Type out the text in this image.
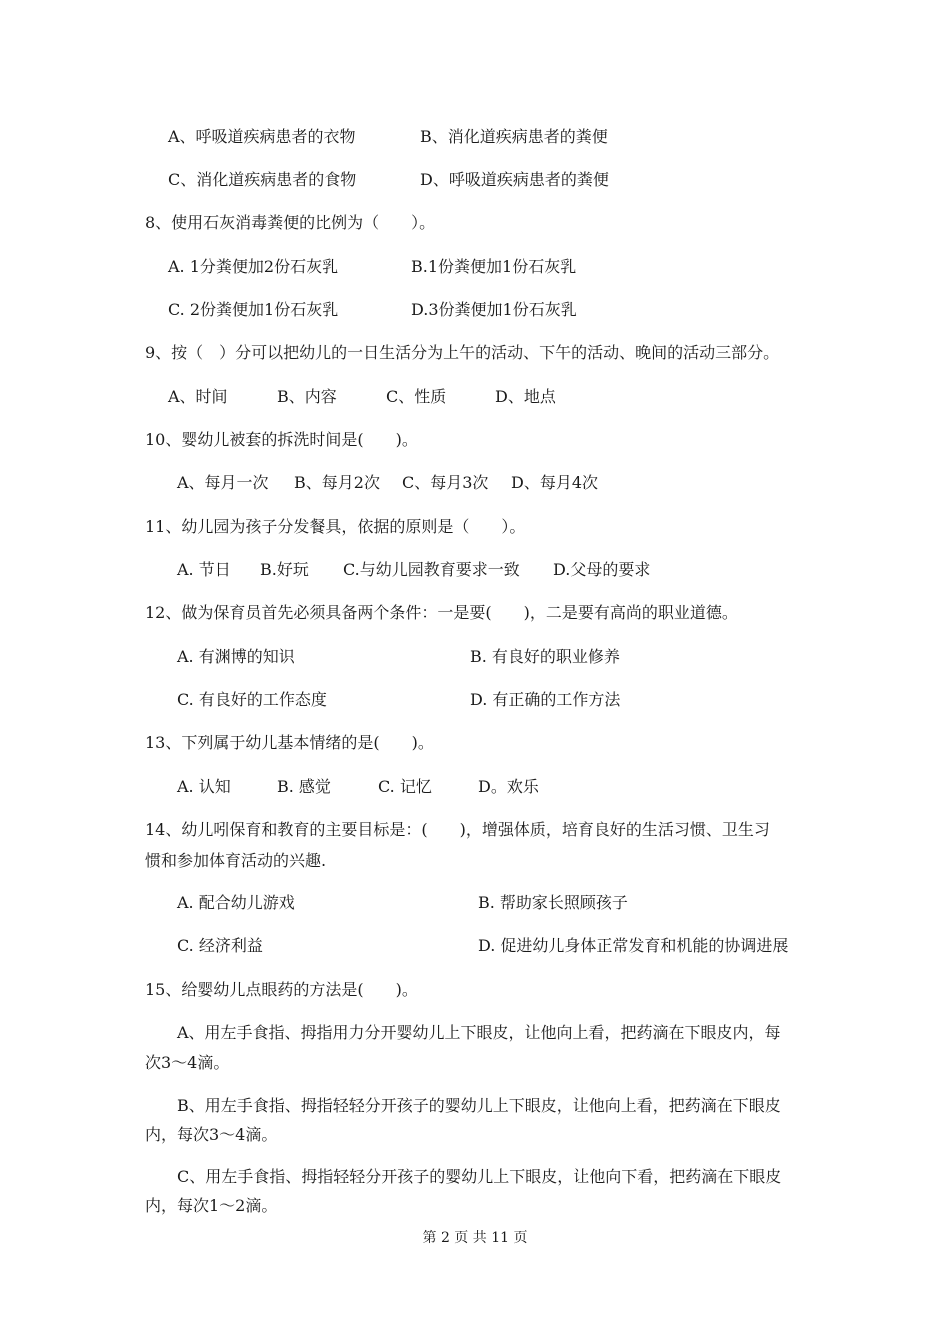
A、呼吸道疾病患者的衣物	B、消化道疾病患者的粪便
C、消化道疾病患者的食物	D、呼吸道疾病患者的粪便
8、使用石灰消毒粪便的比例为（　　）。
A. 1分粪便加2份石灰乳	B.1份粪便加1份石灰乳
C. 2份粪便加1份石灰乳	D.3份粪便加1份石灰乳
9、按（　）分可以把幼儿的一日生活分为上午的活动、下午的活动、晚间的活动三部分。
A、时间	B、内容	C、性质	D、地点
10、婴幼儿被套的拆洗时间是(　　)。
A、每月一次 B、每月2次 C、每月3次 D、每月4次
11、幼儿园为孩子分发餐具，依据的原则是（　　）。
A. 节日 B.好玩 C.与幼儿园教育要求一致 D.父母的要求
12、做为保育员首先必须具备两个条件：一是要(　　)，二是要有高尚的职业道德。
A. 有渊博的知识	B. 有良好的职业修养
C. 有良好的工作态度	D. 有正确的工作方法
13、下列属于幼儿基本情绪的是(　　)。
A. 认知	B. 感觉	C. 记忆	D。欢乐
14、幼儿吲保育和教育的主要目标是：(　　)，增强体质，培育良好的生活习惯、卫生习
惯和参加体育活动的兴趣.
A. 配合幼儿游戏	B. 帮助家长照顾孩子
C. 经济利益	D. 促进幼儿身体正常发育和机能的协调进展
15、给婴幼儿点眼药的方法是(　　)。
A、用左手食指、拇指用力分开婴幼儿上下眼皮，让他向上看，把药滴在下眼皮内，每
次3～4滴。
B、用左手食指、拇指轻轻分开孩子的婴幼儿上下眼皮，让他向上看，把药滴在下眼皮
内，每次3～4滴。
C、用左手食指、拇指轻轻分开孩子的婴幼儿上下眼皮，让他向下看，把药滴在下眼皮
内，每次1～2滴。
第 2 页 共 11 页
